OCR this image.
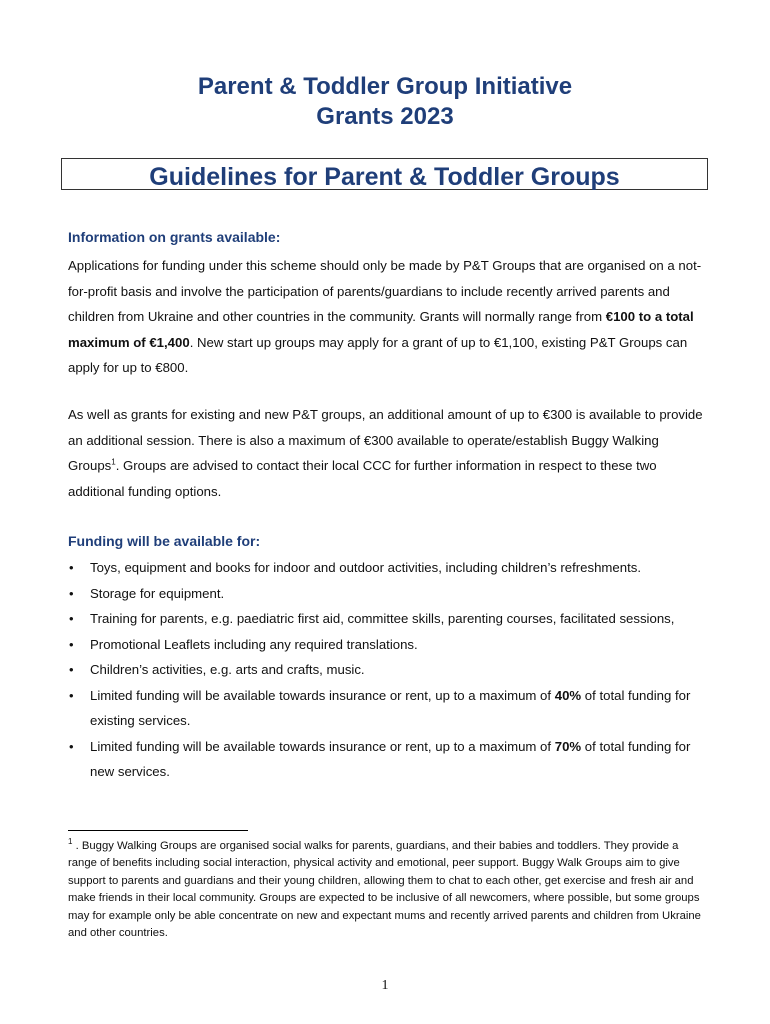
Parent & Toddler Group Initiative
Grants 2023
Guidelines for Parent & Toddler Groups
Information on grants available:
Applications for funding under this scheme should only be made by P&T Groups that are organised on a not-for-profit basis and involve the participation of parents/guardians to include recently arrived parents and children from Ukraine and other countries in the community. Grants will normally range from €100 to a total maximum of €1,400. New start up groups may apply for a grant of up to €1,100, existing P&T Groups can apply for up to €800.
As well as grants for existing and new P&T groups, an additional amount of up to €300 is available to provide an additional session. There is also a maximum of €300 available to operate/establish Buggy Walking Groups$^1$. Groups are advised to contact their local CCC for further information in respect to these two additional funding options.
Funding will be available for:
• Toys, equipment and books for indoor and outdoor activities, including children’s refreshments.
• Storage for equipment.
• Training for parents, e.g. paediatric first aid, committee skills, parenting courses, facilitated sessions,
• Promotional Leaflets including any required translations.
• Children’s activities, e.g. arts and crafts, music.
• Limited funding will be available towards insurance or rent, up to a maximum of 40% of total funding for existing services.
• Limited funding will be available towards insurance or rent, up to a maximum of 70% of total funding for new services.
$^1$ . Buggy Walking Groups are organised social walks for parents, guardians, and their babies and toddlers. They provide a range of benefits including social interaction, physical activity and emotional, peer support. Buggy Walk Groups aim to give support to parents and guardians and their young children, allowing them to chat to each other, get exercise and fresh air and make friends in their local community. Groups are expected to be inclusive of all newcomers, where possible, but some groups may for example only be able concentrate on new and expectant mums and recently arrived parents and children from Ukraine and other countries.
1
